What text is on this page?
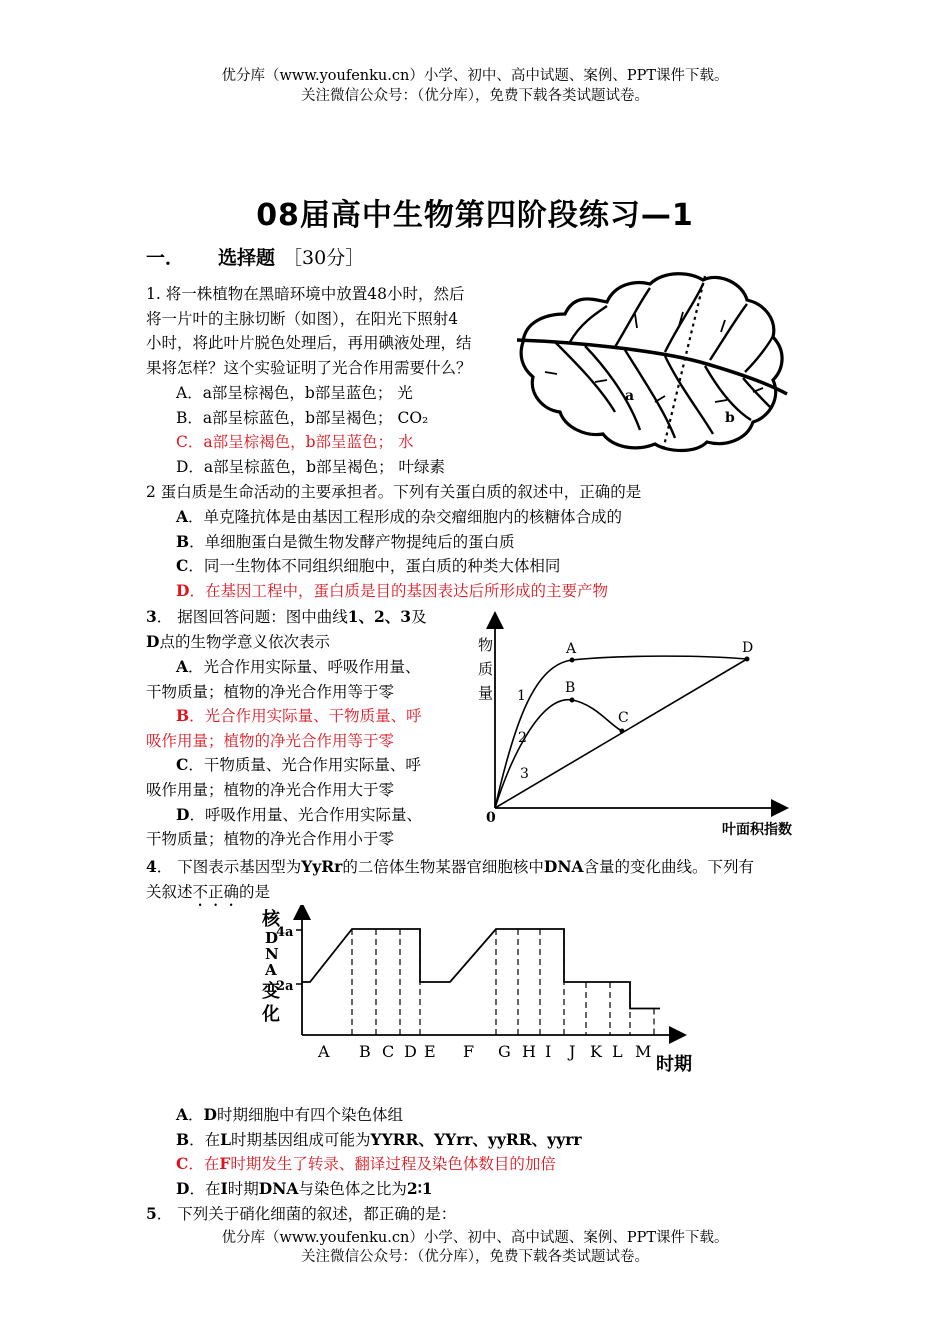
优分库（www.youfenku.cn）小学、初中、高中试题、案例、PPT课件下载。
关注微信公众号：（优分库），免费下载各类试题试卷。
08届高中生物第四阶段练习—1
一． 选择题 ［30分］
1. 将一株植物在黑暗环境中放置48小时，然后
将一片叶的主脉切断（如图），在阳光下照射4
小时，将此叶片脱色处理后，再用碘液处理，结
果将怎样？这个实验证明了光合作用需要什么？
A．a部呈棕褐色，b部呈蓝色； 光
B．a部呈棕蓝色，b部呈褐色； CO₂
C．a部呈棕褐色，b部呈蓝色； 水
D．a部呈棕蓝色，b部呈褐色； 叶绿素
a
b
2 蛋白质是生命活动的主要承担者。下列有关蛋白质的叙述中，正确的是
A．单克隆抗体是由基因工程形成的杂交瘤细胞内的核糖体合成的
B．单细胞蛋白是微生物发酵产物提纯后的蛋白质
C．同一生物体不同组织细胞中，蛋白质的种类大体相同
D．在基因工程中，蛋白质是目的基因表达后所形成的主要产物
3． 据图回答问题：图中曲线1、2、3及
D点的生物学意义依次表示
A．光合作用实际量、呼吸作用量、
干物质量；植物的净光合作用等于零
B．光合作用实际量、干物质量、呼
吸作用量；植物的净光合作用等于零
C．干物质量、光合作用实际量、呼
吸作用量；植物的净光合作用大于零
D．呼吸作用量、光合作用实际量、
干物质量；植物的净光合作用小于零
物
质
量
0
叶面积指数
A
B
C
D
1
2
3
4． 下图表示基因型为YyRr的二倍体生物某器官细胞核中DNA含量的变化曲线。下列有
关叙述不正确的是
核
D
N
A
变
化
4a
2a
A B C D E F G H I J K L M
时期
A．D时期细胞中有四个染色体组
B．在L时期基因组成可能为YYRR、YYrr、yyRR、yyrr
C．在F时期发生了转录、翻译过程及染色体数目的加倍
D．在I时期DNA与染色体之比为2∶1
5． 下列关于硝化细菌的叙述，都正确的是：
优分库（www.youfenku.cn）小学、初中、高中试题、案例、PPT课件下载。
关注微信公众号：（优分库），免费下载各类试题试卷。
